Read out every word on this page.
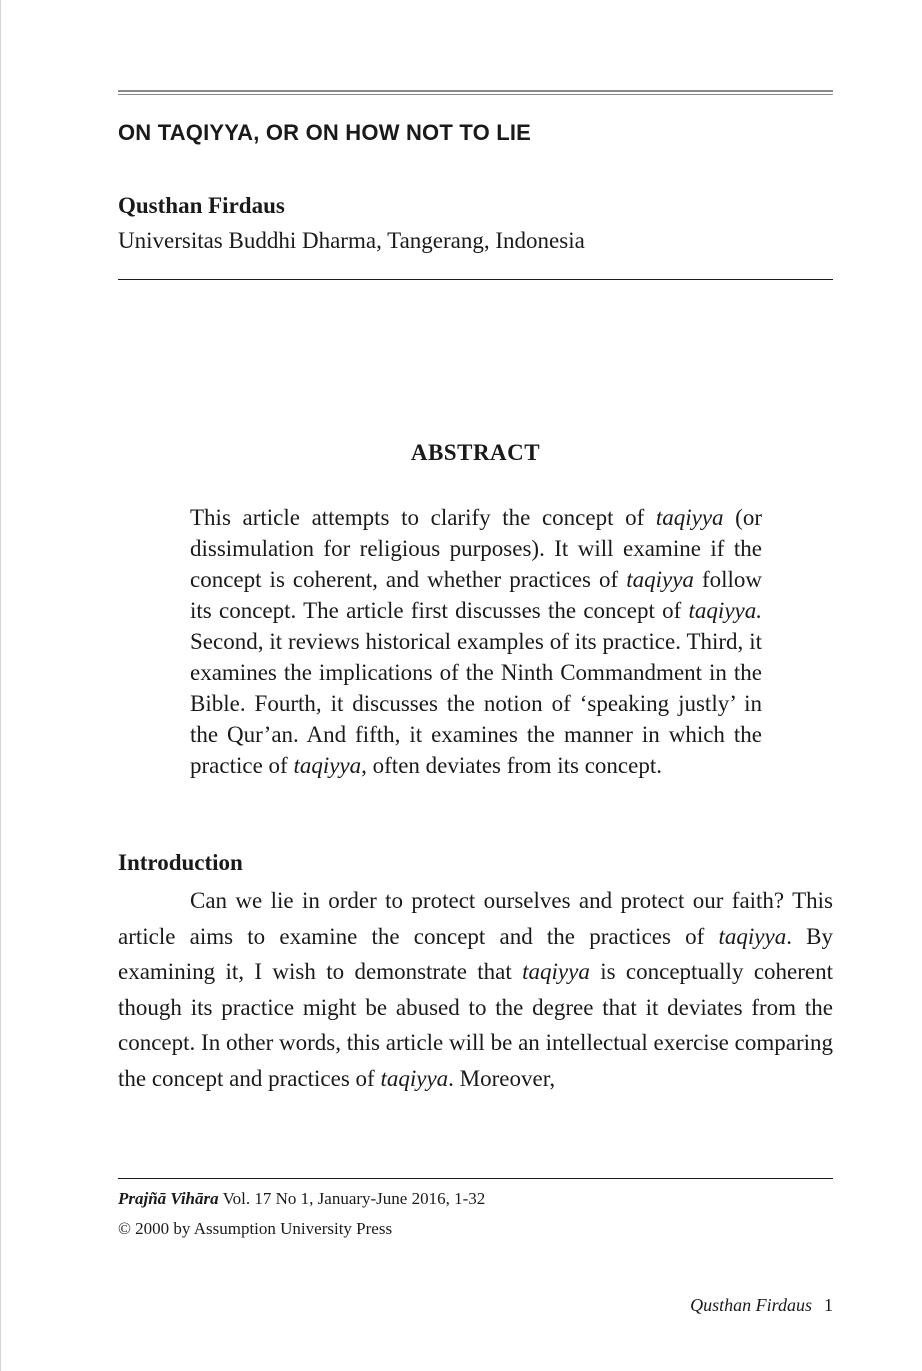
ON TAQIYYA, OR ON HOW NOT TO LIE
Qusthan Firdaus
Universitas Buddhi Dharma, Tangerang, Indonesia
ABSTRACT

This article attempts to clarify the concept of taqiyya (or dissimulation for religious purposes). It will examine if the concept is coherent, and whether practices of taqiyya follow its concept. The article first discusses the concept of taqiyya. Second, it reviews historical examples of its practice. Third, it examines the implications of the Ninth Commandment in the Bible. Fourth, it discusses the notion of ‘speaking justly’ in the Qur’an. And fifth, it examines the manner in which the practice of taqiyya, often deviates from its concept.

Introduction

Can we lie in order to protect ourselves and protect our faith? This article aims to examine the concept and the practices of taqiyya. By examining it, I wish to demonstrate that taqiyya is conceptually coherent though its practice might be abused to the degree that it deviates from the concept. In other words, this article will be an intellectual exercise comparing the concept and practices of taqiyya. Moreover,

Prajñā Vihāra Vol. 17 No 1, January-June 2016, 1-32
© 2000 by Assumption University Press
Qusthan Firdaus 1
